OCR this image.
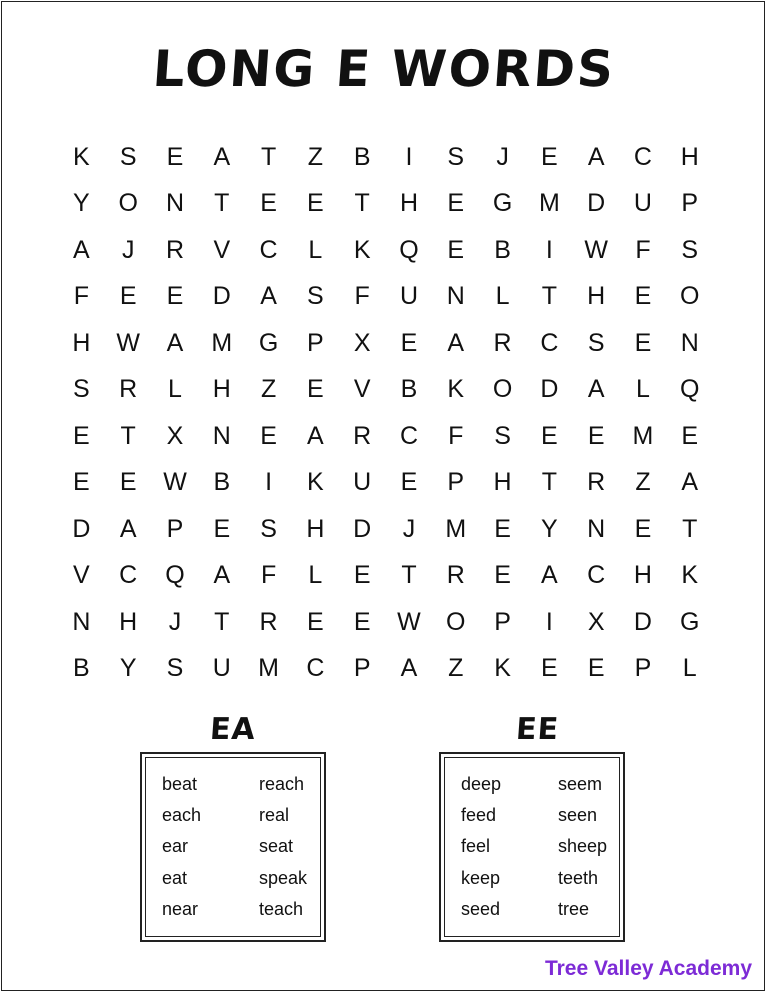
LONG E WORDS
K	S	E	A	T	Z	B	I	S	J	E	A	C	H
Y	O	N	T	E	E	T	H	E	G	M	D	U	P
A	J	R	V	C	L	K	Q	E	B	I	W	F	S
F	E	E	D	A	S	F	U	N	L	T	H	E	O
H	W	A	M	G	P	X	E	A	R	C	S	E	N
S	R	L	H	Z	E	V	B	K	O	D	A	L	Q
E	T	X	N	E	A	R	C	F	S	E	E	M	E
E	E	W	B	I	K	U	E	P	H	T	R	Z	A
D	A	P	E	S	H	D	J	M	E	Y	N	E	T
V	C	Q	A	F	L	E	T	R	E	A	C	H	K
N	H	J	T	R	E	E	W	O	P	I	X	D	G
B	Y	S	U	M	C	P	A	Z	K	E	E	P	L
EA	EE
beat
each
ear
eat
near
reach
real
seat
speak
teach
deep
feed
feel
keep
seed
seem
seen
sheep
teeth
tree
Tree Valley Academy
